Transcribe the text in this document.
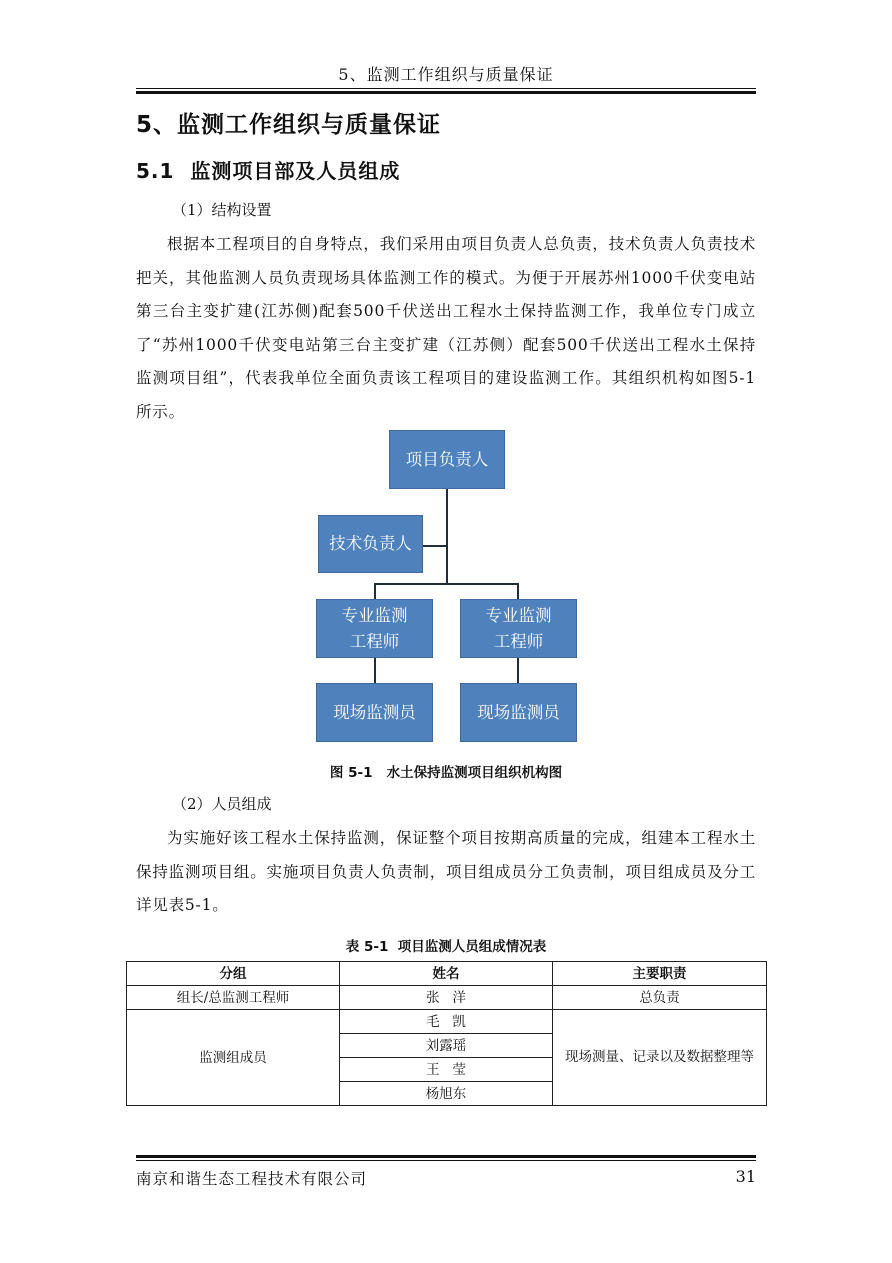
5、监测工作组织与质量保证
5、监测工作组织与质量保证
5.1  监测项目部及人员组成
（1）结构设置
根据本工程项目的自身特点，我们采用由项目负责人总负责，技术负责人负责技术把关，其他监测人员负责现场具体监测工作的模式。为便于开展苏州1000千伏变电站第三台主变扩建(江苏侧)配套500千伏送出工程水土保持监测工作，我单位专门成立了“苏州1000千伏变电站第三台主变扩建（江苏侧）配套500千伏送出工程水土保持监测项目组”，代表我单位全面负责该工程项目的建设监测工作。其组织机构如图5-1所示。
项目负责人
技术负责人
专业监测
工程师
专业监测
工程师
现场监测员	现场监测员
图 5-1   水土保持监测项目组织机构图
（2）人员组成
为实施好该工程水土保持监测，保证整个项目按期高质量的完成，组建本工程水土保持监测项目组。实施项目负责人负责制，项目组成员分工负责制，项目组成员及分工详见表5-1。
表 5-1  项目监测人员组成情况表
分组	姓名	主要职责
组长/总监测工程师	张   洋	总负责
监测组成员	毛   凯	现场测量、记录以及数据整理等
	刘露瑶	
	王   莹	
	杨旭东	
南京和谐生态工程技术有限公司	31
